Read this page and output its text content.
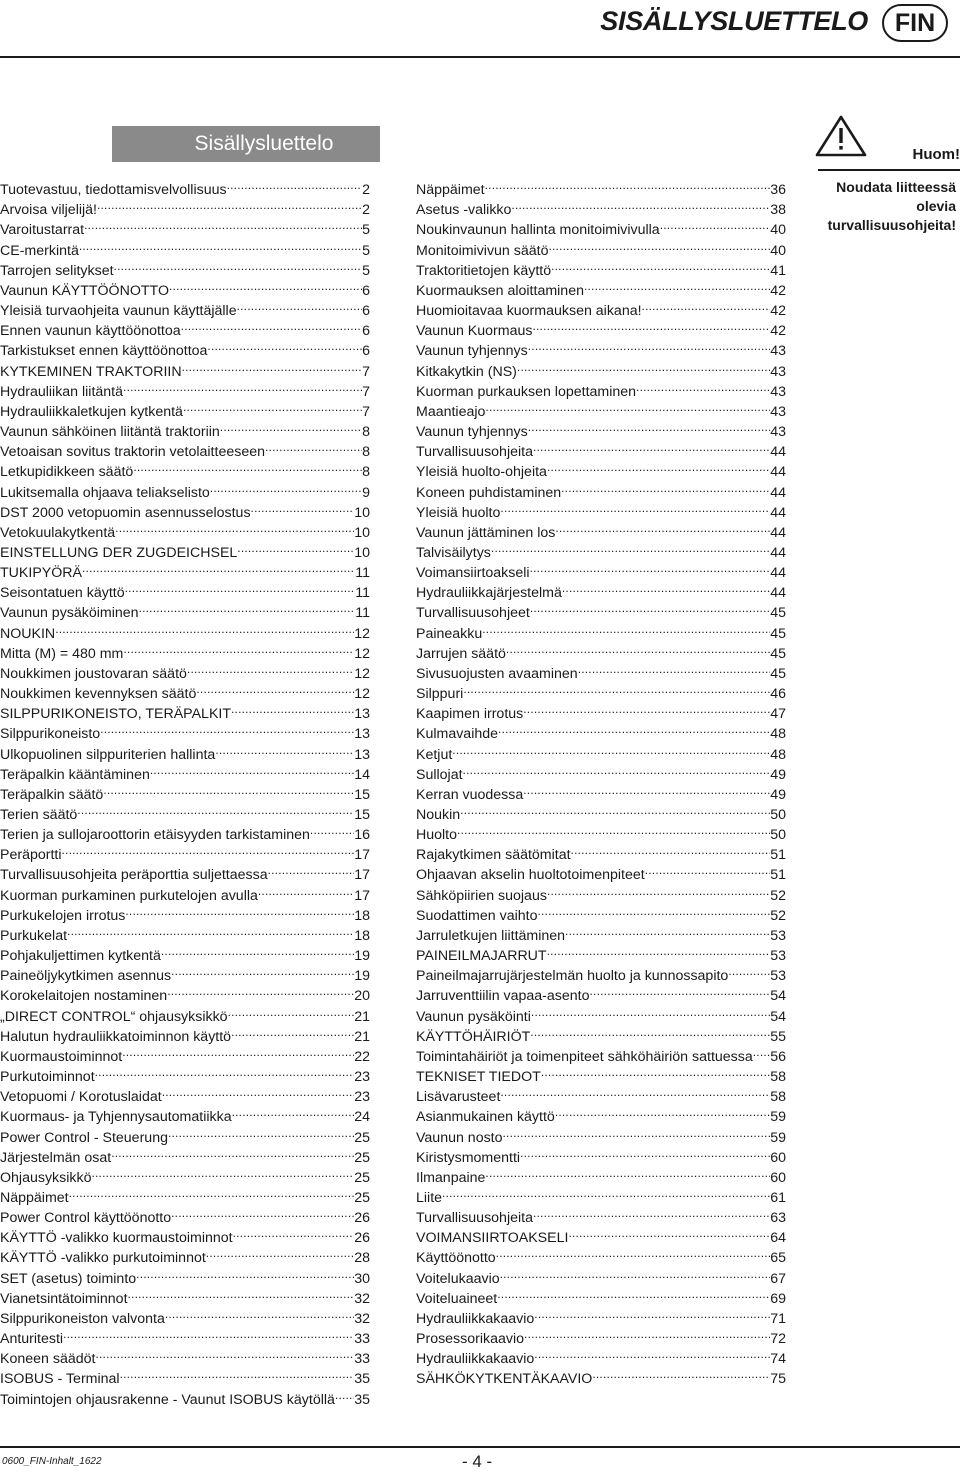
SISÄLLYSLUETTELO	FIN
Sisällysluettelo
Tuotevastuu, tiedottamisvelvollisuus .....	2
Arvoisa viljelijä! .....	2
Varoitustarrat .....	5
CE-merkintä .....	5
Tarrojen selitykset .....	5
Vaunun KÄYTTÖÖNOTTO .....	6
Yleisiä turvaohjeita vaunun käyttäjälle .....	6
Ennen vaunun käyttöönottoa .....	6
Tarkistukset ennen käyttöönottoa .....	6
KYTKEMINEN TRAKTORIIN .....	7
Hydrauliikan liitäntä .....	7
Hydrauliikkaletkujen kytkentä .....	7
Vaunun sähköinen liitäntä traktoriin .....	8
Vetoaisan sovitus traktorin vetolaitteeseen .....	8
Letkupidikkeen säätö .....	8
Lukitsemalla ohjaava teliakselisto .....	9
DST 2000 vetopuomin asennusselostus .....	10
Vetokuulakytkentä .....	10
EINSTELLUNG DER ZUGDEICHSEL .....	10
TUKIPYÖRÄ .....	11
Seisontatuen käyttö .....	11
Vaunun pysäköiminen .....	11
NOUKIN .....	12
Mitta (M) = 480 mm .....	12
Noukkimen joustovaran säätö .....	12
Noukkimen kevennyksen säätö .....	12
SILPPURIKONEISTO, TERÄPALKIT .....	13
Silppurikoneisto .....	13
Ulkopuolinen silppuriterien hallinta .....	13
Teräpalkin kääntäminen .....	14
Teräpalkin säätö .....	15
Terien säätö .....	15
Terien ja sullojaroottorin etäisyyden tarkistaminen .....	16
Peräportti .....	17
Turvallisuusohjeita peräporttia suljettaessa .....	17
Kuorman purkaminen purkutelojen avulla .....	17
Purkukelojen irrotus .....	18
Purkukelat .....	18
Pohjakuljettimen kytkentä .....	19
Paineöljykytkimen asennus .....	19
Korokelaitojen nostaminen .....	20
„DIRECT CONTROL“ ohjausyksikkö .....	21
Halutun hydrauliikkatoiminnon käyttö .....	21
Kuormaustoiminnot .....	22
Purkutoiminnot .....	23
Vetopuomi / Korotuslaidat .....	23
Kuormaus- ja Tyhjennysautomatiikka .....	24
Power Control - Steuerung .....	25
Järjestelmän osat .....	25
Ohjausyksikkö .....	25
Näppäimet .....	25
Power Control käyttöönotto .....	26
KÄYTTÖ -valikko kuormaustoiminnot .....	26
KÄYTTÖ -valikko purkutoiminnot .....	28
SET (asetus) toiminto .....	30
Vianetsintätoiminnot .....	32
Silppurikoneiston valvonta .....	32
Anturitesti .....	33
Koneen säädöt .....	33
ISOBUS - Terminal .....	35
Toimintojen ohjausrakenne - Vaunut ISOBUS käytöllä ..... 35
Näppäimet .....	36
Asetus -valikko .....	38
Noukinvaunun hallinta monitoimivivulla .....	40
Monitoimivivun säätö .....	40
Traktoritietojen käyttö .....	41
Kuormauksen aloittaminen .....	42
Huomioitavaa kuormauksen aikana! .....	42
Vaunun Kuormaus .....	42
Vaunun tyhjennys .....	43
Kitkakytkin (NS) .....	43
Kuorman purkauksen lopettaminen .....	43
Maantieajo .....	43
Vaunun tyhjennys .....	43
Turvallisuusohjeita .....	44
Yleisiä huolto-ohjeita .....	44
Koneen puhdistaminen .....	44
Yleisiä huolto .....	44
Vaunun jättäminen los .....	44
Talvisäilytys .....	44
Voimansiirtoakseli .....	44
Hydrauliikkajärjestelmä .....	44
Turvallisuusohjeet .....	45
Paineakku .....	45
Jarrujen säätö .....	45
Sivusuojusten avaaminen .....	45
Silppuri .....	46
Kaapimen irrotus .....	47
Kulmavaihde .....	48
Ketjut .....	48
Sullojat .....	49
Kerran vuodessa .....	49
Noukin .....	50
Huolto .....	50
Rajakytkimen säätömitat .....	51
Ohjaavan akselin huoltotoimenpiteet .....	51
Sähköpiirien suojaus .....	52
Suodattimen vaihto .....	52
Jarruletkujen liittäminen .....	53
PAINEILMAJARRUT .....	53
Paineilmajarrujärjestelmän huolto ja kunnossapito .....	53
Jarruventtiilin vapaa-asento .....	54
Vaunun pysäköinti .....	54
KÄYTTÖHÄIRIÖT .....	55
Toimintahäiriöt ja toimenpiteet sähköhäiriön sattuessa ..... 56
TEKNISET TIEDOT .....	58
Lisävarusteet .....	58
Asianmukainen käyttö .....	59
Vaunun nosto .....	59
Kiristysmomentti .....	60
Ilmanpaine .....	60
Liite .....	61
Turvallisuusohjeita .....	63
VOIMANSIIRTOAKSELI .....	64
Käyttöönotto .....	65
Voitelukaavio .....	67
Voiteluaineet .....	69
Hydrauliikkakaavio .....	71
Prosessorikaavio .....	72
Hydrauliikkakaavio .....	74
SÄHKÖKYTKENTÄKAAVIO .....	75
Huom!
Noudata liitteessä olevia turvallisuusohjeita!
0600_FIN-Inhalt_1622	- 4 -
